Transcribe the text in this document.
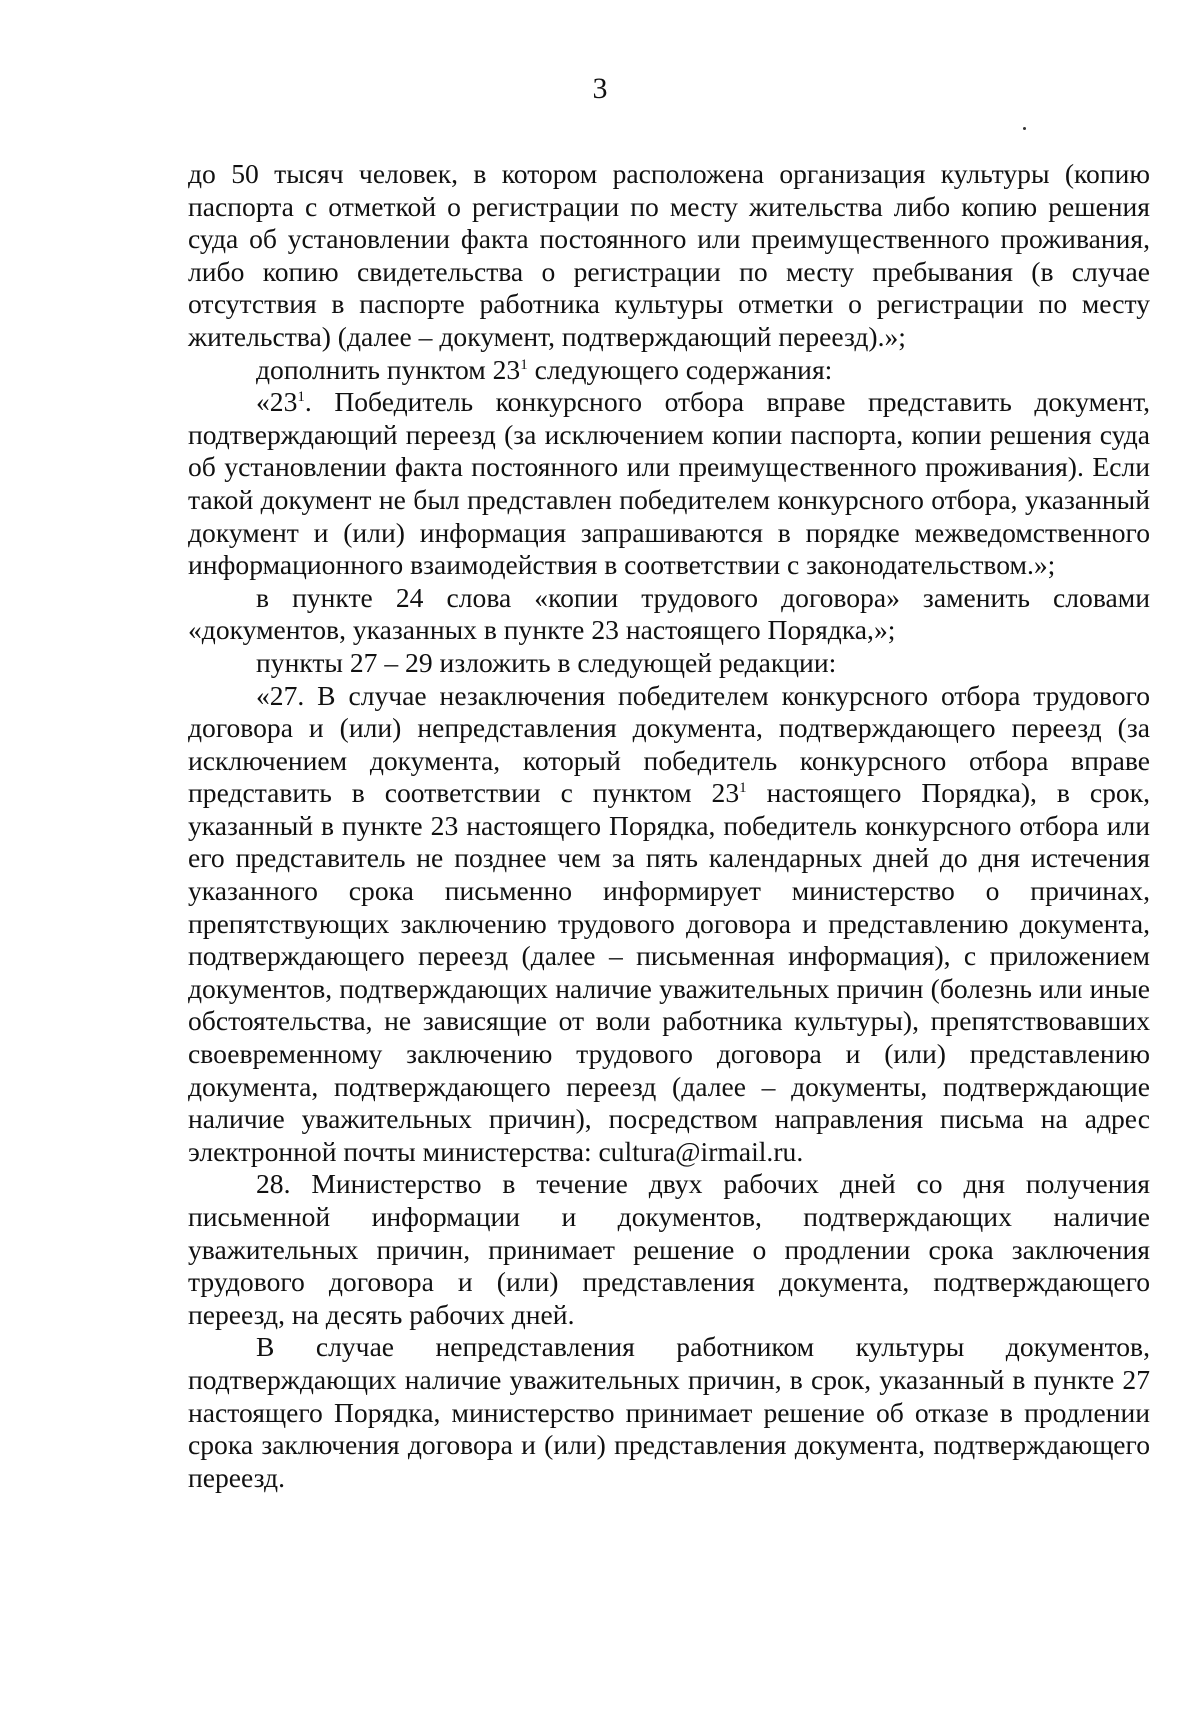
3

до 50 тысяч человек, в котором расположена организация культуры (копию паспорта с отметкой о регистрации по месту жительства либо копию решения суда об установлении факта постоянного или преимущественного проживания, либо копию свидетельства о регистрации по месту пребывания (в случае отсутствия в паспорте работника культуры отметки о регистрации по месту жительства) (далее – документ, подтверждающий переезд).»;

дополнить пунктом $23^1$ следующего содержания:

«$23^1$. Победитель конкурсного отбора вправе представить документ, подтверждающий переезд (за исключением копии паспорта, копии решения суда об установлении факта постоянного или преимущественного проживания). Если такой документ не был представлен победителем конкурсного отбора, указанный документ и (или) информация запрашиваются в порядке межведомственного информационного взаимодействия в соответствии с законодательством.»;

в пункте 24 слова «копии трудового договора» заменить словами «документов, указанных в пункте 23 настоящего Порядка,»;

пункты 27 – 29 изложить в следующей редакции:

«27. В случае незаключения победителем конкурсного отбора трудового договора и (или) непредставления документа, подтверждающего переезд (за исключением документа, который победитель конкурсного отбора вправе представить в соответствии с пунктом $23^1$ настоящего Порядка), в срок, указанный в пункте 23 настоящего Порядка, победитель конкурсного отбора или его представитель не позднее чем за пять календарных дней до дня истечения указанного срока письменно информирует министерство о причинах, препятствующих заключению трудового договора и представлению документа, подтверждающего переезд (далее – письменная информация), с приложением документов, подтверждающих наличие уважительных причин (болезнь или иные обстоятельства, не зависящие от воли работника культуры), препятствовавших своевременному заключению трудового договора и (или) представлению документа, подтверждающего переезд (далее – документы, подтверждающие наличие уважительных причин), посредством направления письма на адрес электронной почты министерства: cultura@irmail.ru.

28. Министерство в течение двух рабочих дней со дня получения письменной информации и документов, подтверждающих наличие уважительных причин, принимает решение о продлении срока заключения трудового договора и (или) представления документа, подтверждающего переезд, на десять рабочих дней.

В случае непредставления работником культуры документов, подтверждающих наличие уважительных причин, в срок, указанный в пункте 27 настоящего Порядка, министерство принимает решение об отказе в продлении срока заключения договора и (или) представления документа, подтверждающего переезд.
